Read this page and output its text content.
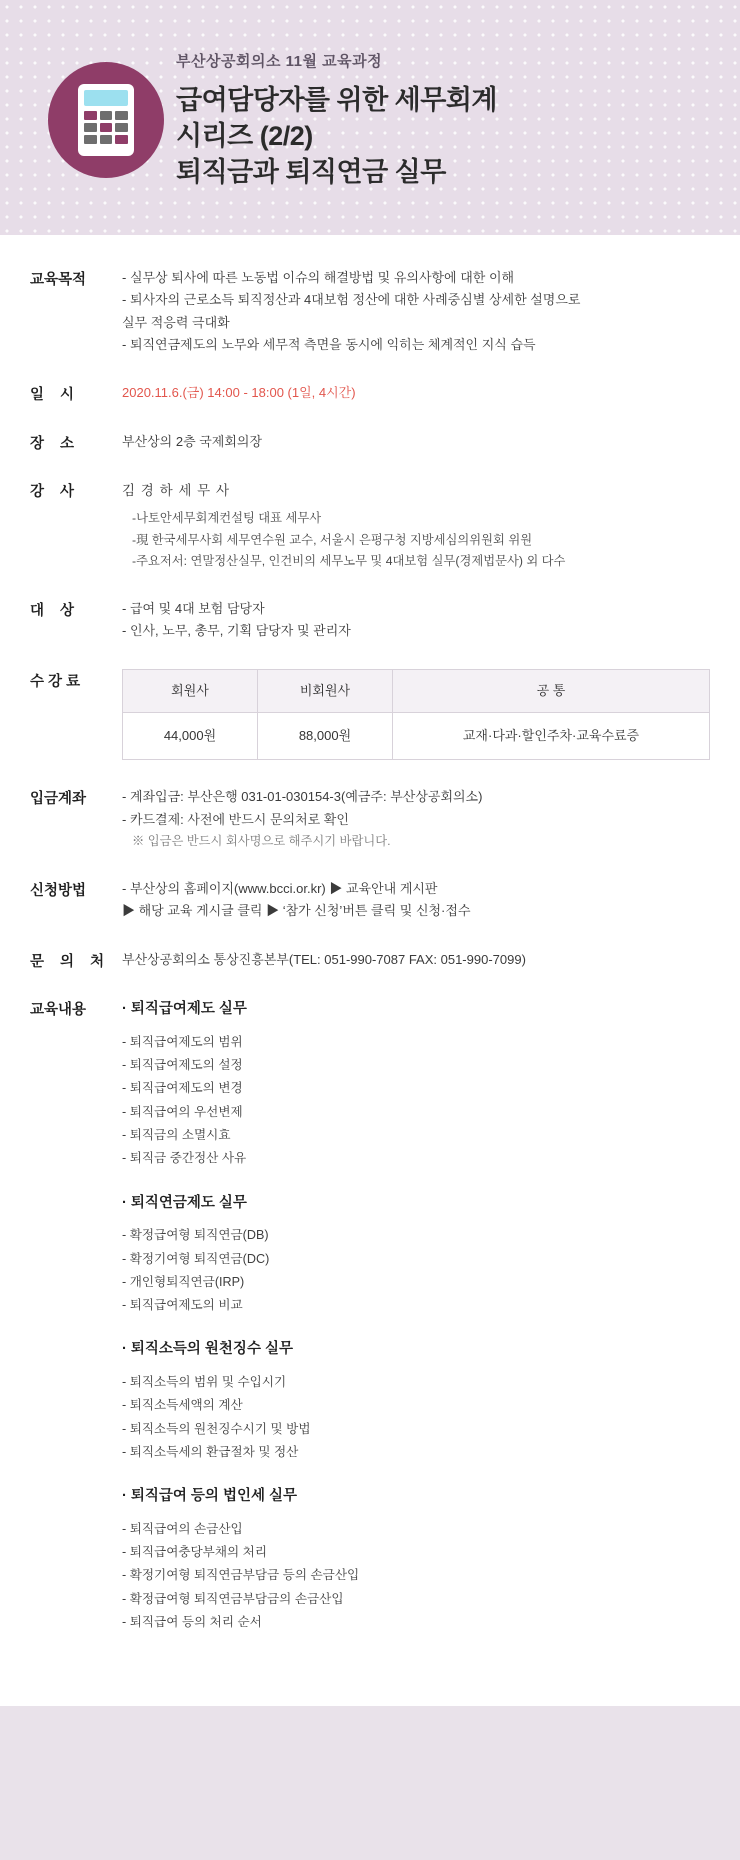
부산상공회의소 11월 교육과정
급여담당자를 위한 세무회계
시리즈 (2/2)
퇴직금과 퇴직연금 실무
교육목적	- 실무상 퇴사에 따른 노동법 이슈의 해결방법 및 유의사항에 대한 이해
- 퇴사자의 근로소득 퇴직정산과 4대보험 정산에 대한 사례중심별 상세한 설명으로
실무 적응력 극대화
- 퇴직연금제도의 노무와 세무적 측면을 동시에 익히는 체계적인 지식 습득
일 시	2020.11.6.(금) 14:00 - 18:00 (1일, 4시간)
장 소	부산상의 2층 국제회의장
강 사	김 경 하 세 무 사
-나토안세무회계컨설팅 대표 세무사
-現 한국세무사회 세무연수원 교수, 서울시 은평구청 지방세심의위원회 위원
-주요저서: 연말정산실무, 인건비의 세무노무 및 4대보험 실무(경제법문사) 외 다수
대 상	- 급여 및 4대 보험 담당자
- 인사, 노무, 총무, 기획 담당자 및 관리자
수 강 료
회원사	비회원사	공 통
44,000원	88,000원	교재·다과·할인주차·교육수료증
입금계좌	- 계좌입금: 부산은행 031-01-030154-3(예금주: 부산상공회의소)
- 카드결제: 사전에 반드시 문의처로 확인
※ 입금은 반드시 회사명으로 해주시기 바랍니다.
신청방법	- 부산상의 홈페이지(www.bcci.or.kr) ▶ 교육안내 게시판
▶ 해당 교육 게시글 클릭 ▶ ‘참가 신청’버튼 클릭 및 신청·접수
문 의 처 부산상공회의소 통상진흥본부(TEL: 051-990-7087 FAX: 051-990-7099)
교육내용	· 퇴직급여제도 실무
- 퇴직급여제도의 범위
- 퇴직급여제도의 설정
- 퇴직급여제도의 변경
- 퇴직급여의 우선변제
- 퇴직금의 소멸시효
- 퇴직금 중간정산 사유
· 퇴직연금제도 실무
- 확정급여형 퇴직연금(DB)
- 확정기여형 퇴직연금(DC)
- 개인형퇴직연금(IRP)
- 퇴직급여제도의 비교
· 퇴직소득의 원천징수 실무
- 퇴직소득의 범위 및 수입시기
- 퇴직소득세액의 계산
- 퇴직소득의 원천징수시기 및 방법
- 퇴직소득세의 환급절차 및 정산
· 퇴직급여 등의 법인세 실무
- 퇴직급여의 손금산입
- 퇴직급여충당부채의 처리
- 확정기여형 퇴직연금부담금 등의 손금산입
- 확정급여형 퇴직연금부담금의 손금산입
- 퇴직급여 등의 처리 순서
